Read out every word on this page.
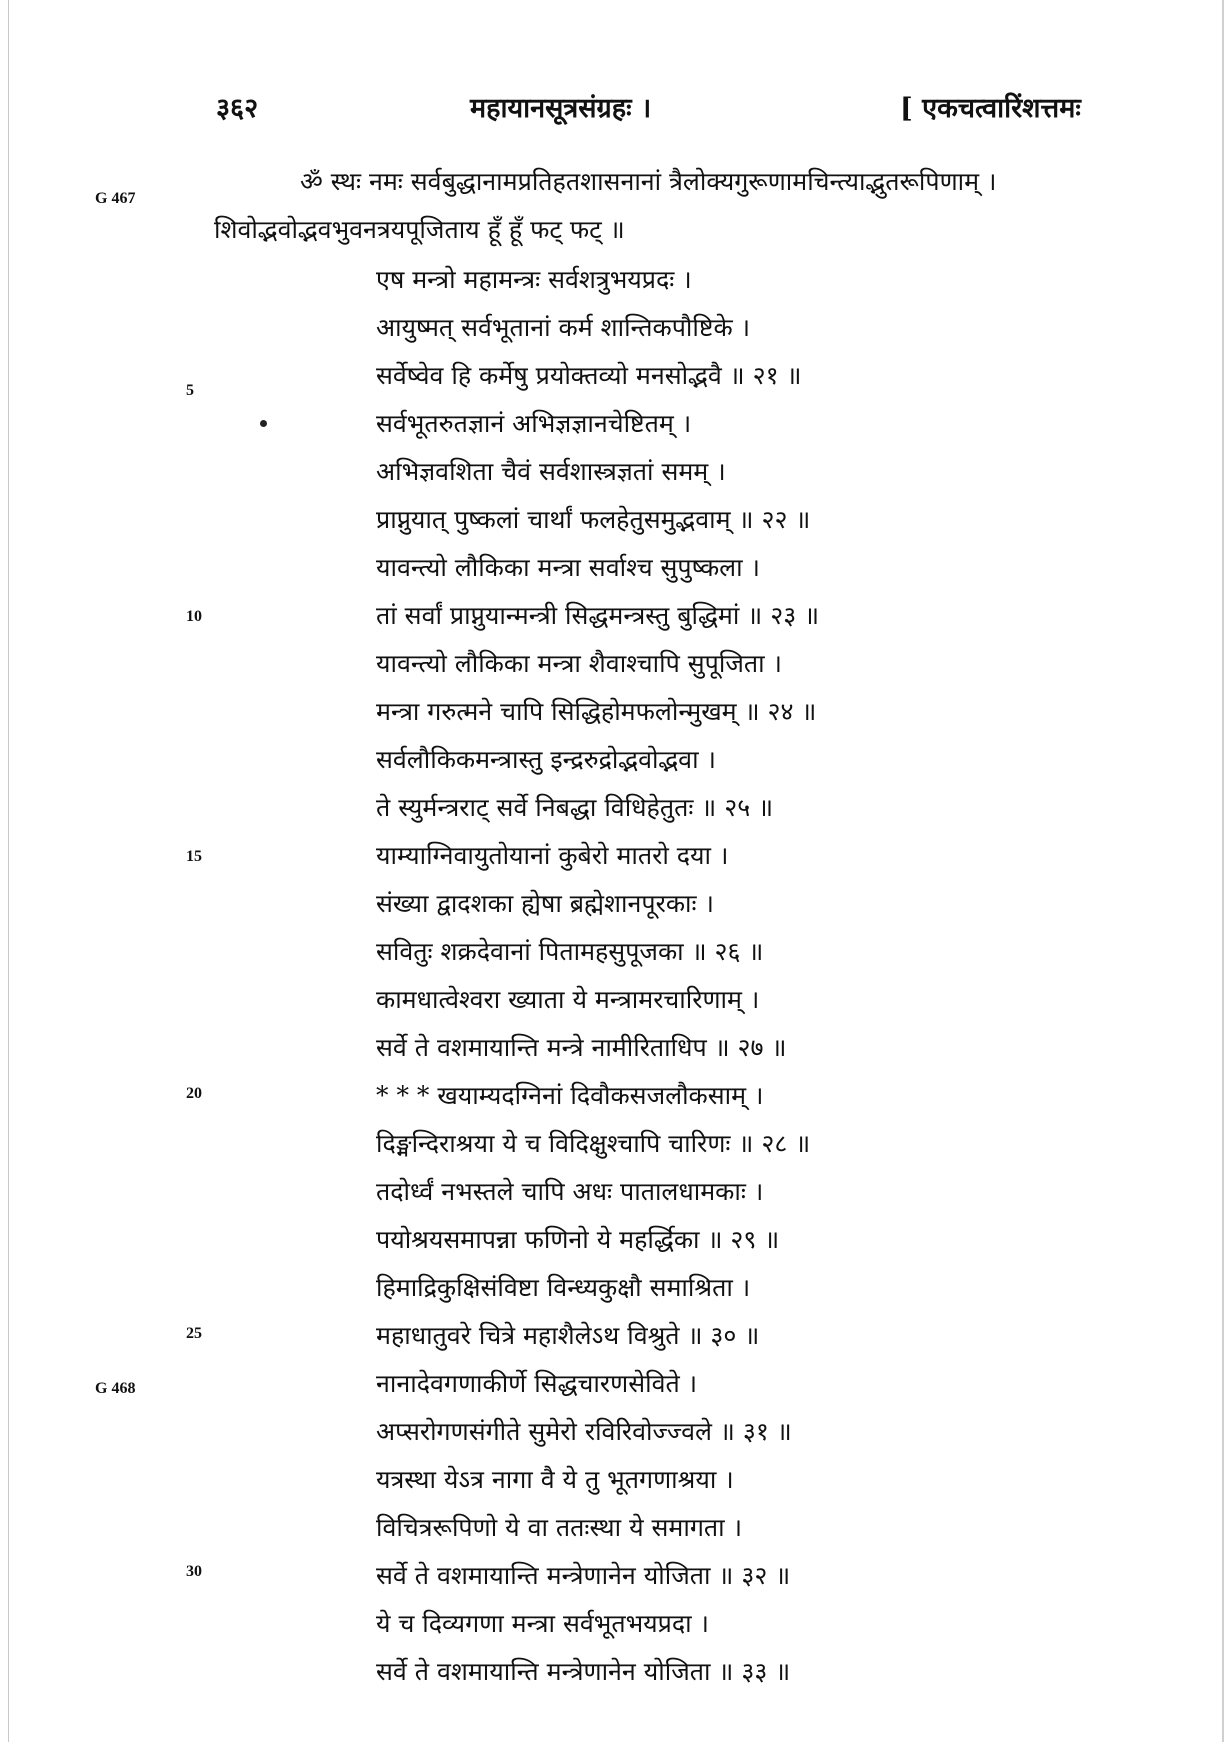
३६२	महायानसूत्रसंग्रहः ।	[ एकचत्वारिंशत्तमः
G 467
G 468
5
10
15
20
25
30
ॐ स्थः नमः सर्वबुद्धानामप्रतिहतशासनानां त्रैलोक्यगुरूणामचिन्त्याद्भुतरूपिणाम् ।
शिवोद्भवोद्भवभुवनत्रयपूजिताय हूँ हूँ फट् फट् ॥
एष मन्त्रो महामन्त्रः सर्वशत्रुभयप्रदः ।
आयुष्मत् सर्वभूतानां कर्म शान्तिकपौष्टिके ।
सर्वेष्वेव हि कर्मेषु प्रयोक्तव्यो मनसोद्भवै ॥ २१ ॥
सर्वभूतरुतज्ञानं अभिज्ञज्ञानचेष्टितम् ।
अभिज्ञवशिता चैवं सर्वशास्त्रज्ञतां समम् ।
प्राप्नुयात् पुष्कलां चार्थां फलहेतुसमुद्भवाम् ॥ २२ ॥
यावन्त्यो लौकिका मन्त्रा सर्वाश्च सुपुष्कला ।
तां सर्वां प्राप्नुयान्मन्त्री सिद्धमन्त्रस्तु बुद्धिमां ॥ २३ ॥
यावन्त्यो लौकिका मन्त्रा शैवाश्चापि सुपूजिता ।
मन्त्रा गरुत्मने चापि सिद्धिहोमफलोन्मुखम् ॥ २४ ॥
सर्वलौकिकमन्त्रास्तु इन्द्ररुद्रोद्भवोद्भवा ।
ते स्युर्मन्त्रराट् सर्वे निबद्धा विधिहेतुतः ॥ २५ ॥
याम्याग्निवायुतोयानां कुबेरो मातरो दया ।
संख्या द्वादशका ह्येषा ब्रह्मेशानपूरकाः ।
सवितुः शक्रदेवानां पितामहसुपूजका ॥ २६ ॥
कामधात्वेश्वरा ख्याता ये मन्त्रामरचारिणाम् ।
सर्वे ते वशमायान्ति मन्त्रे नामीरिताधिप ॥ २७ ॥
* * * खयाम्यदग्निनां दिवौकसजलौकसाम् ।
दिङ्मन्दिराश्रया ये च विदिक्षुश्चापि चारिणः ॥ २८ ॥
तदोर्ध्वं नभस्तले चापि अधः पातालधामकाः ।
पयोश्रयसमापन्ना फणिनो ये महर्द्धिका ॥ २९ ॥
हिमाद्रिकुक्षिसंविष्टा विन्ध्यकुक्षौ समाश्रिता ।
महाधातुवरे चित्रे महाशैलेऽथ विश्रुते ॥ ३० ॥
नानादेवगणाकीर्णे सिद्धचारणसेविते ।
अप्सरोगणसंगीते सुमेरो रविरिवोज्ज्वले ॥ ३१ ॥
यत्रस्था येऽत्र नागा वै ये तु भूतगणाश्रया ।
विचित्ररूपिणो ये वा ततःस्था ये समागता ।
सर्वे ते वशमायान्ति मन्त्रेणानेन योजिता ॥ ३२ ॥
ये च दिव्यगणा मन्त्रा सर्वभूतभयप्रदा ।
सर्वे ते वशमायान्ति मन्त्रेणानेन योजिता ॥ ३३ ॥
